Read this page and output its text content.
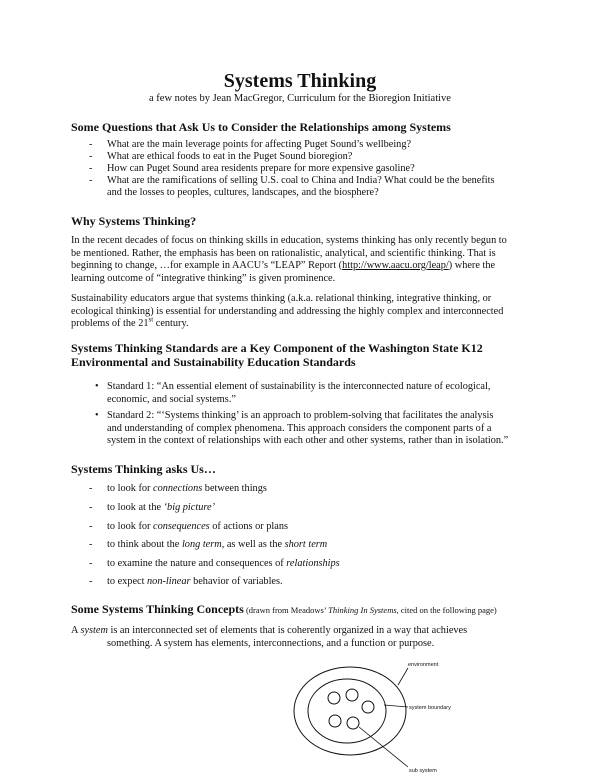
Systems Thinking
a few notes by Jean MacGregor, Curriculum for the Bioregion Initiative
Some Questions that Ask Us to Consider the Relationships among Systems
- What are the main leverage points for affecting Puget Sound’s wellbeing?
- What are ethical foods to eat in the Puget Sound bioregion?
- How can Puget Sound area residents prepare for more expensive gasoline?
- What are the ramifications of selling U.S. coal to China and India? What could be the benefits
and the losses to peoples, cultures, landscapes, and the biosphere?
Why Systems Thinking?
In the recent decades of focus on thinking skills in education, systems thinking has only recently begun to
be mentioned. Rather, the emphasis has been on rationalistic, analytical, and scientific thinking. That is
beginning to change, …for example in AACU’s “LEAP” Report (http://www.aacu.org/leap/) where the
learning outcome of “integrative thinking” is given prominence.
Sustainability educators argue that systems thinking (a.k.a. relational thinking, integrative thinking, or
ecological thinking) is essential for understanding and addressing the highly complex and interconnected
problems of the 21st century.
Systems Thinking Standards are a Key Component of the Washington State K12
Environmental and Sustainability Education Standards
• Standard 1: “An essential element of sustainability is the interconnected nature of ecological,
economic, and social systems.”
• Standard 2: “‘Systems thinking’ is an approach to problem-solving that facilitates the analysis
and understanding of complex phenomena. This approach considers the component parts of a
system in the context of relationships with each other and other systems, rather than in isolation.”
Systems Thinking asks Us…
- to look for connections between things
- to look at the ‘big picture’
- to look for consequences of actions or plans
- to think about the long term, as well as the short term
- to examine the nature and consequences of relationships
- to expect non-linear behavior of variables.
Some Systems Thinking Concepts (drawn from Meadows’ Thinking In Systems, cited on the following page)
A system is an interconnected set of elements that is coherently organized in a way that achieves
something. A system has elements, interconnections, and a function or purpose.
environment
system boundary
sub system
